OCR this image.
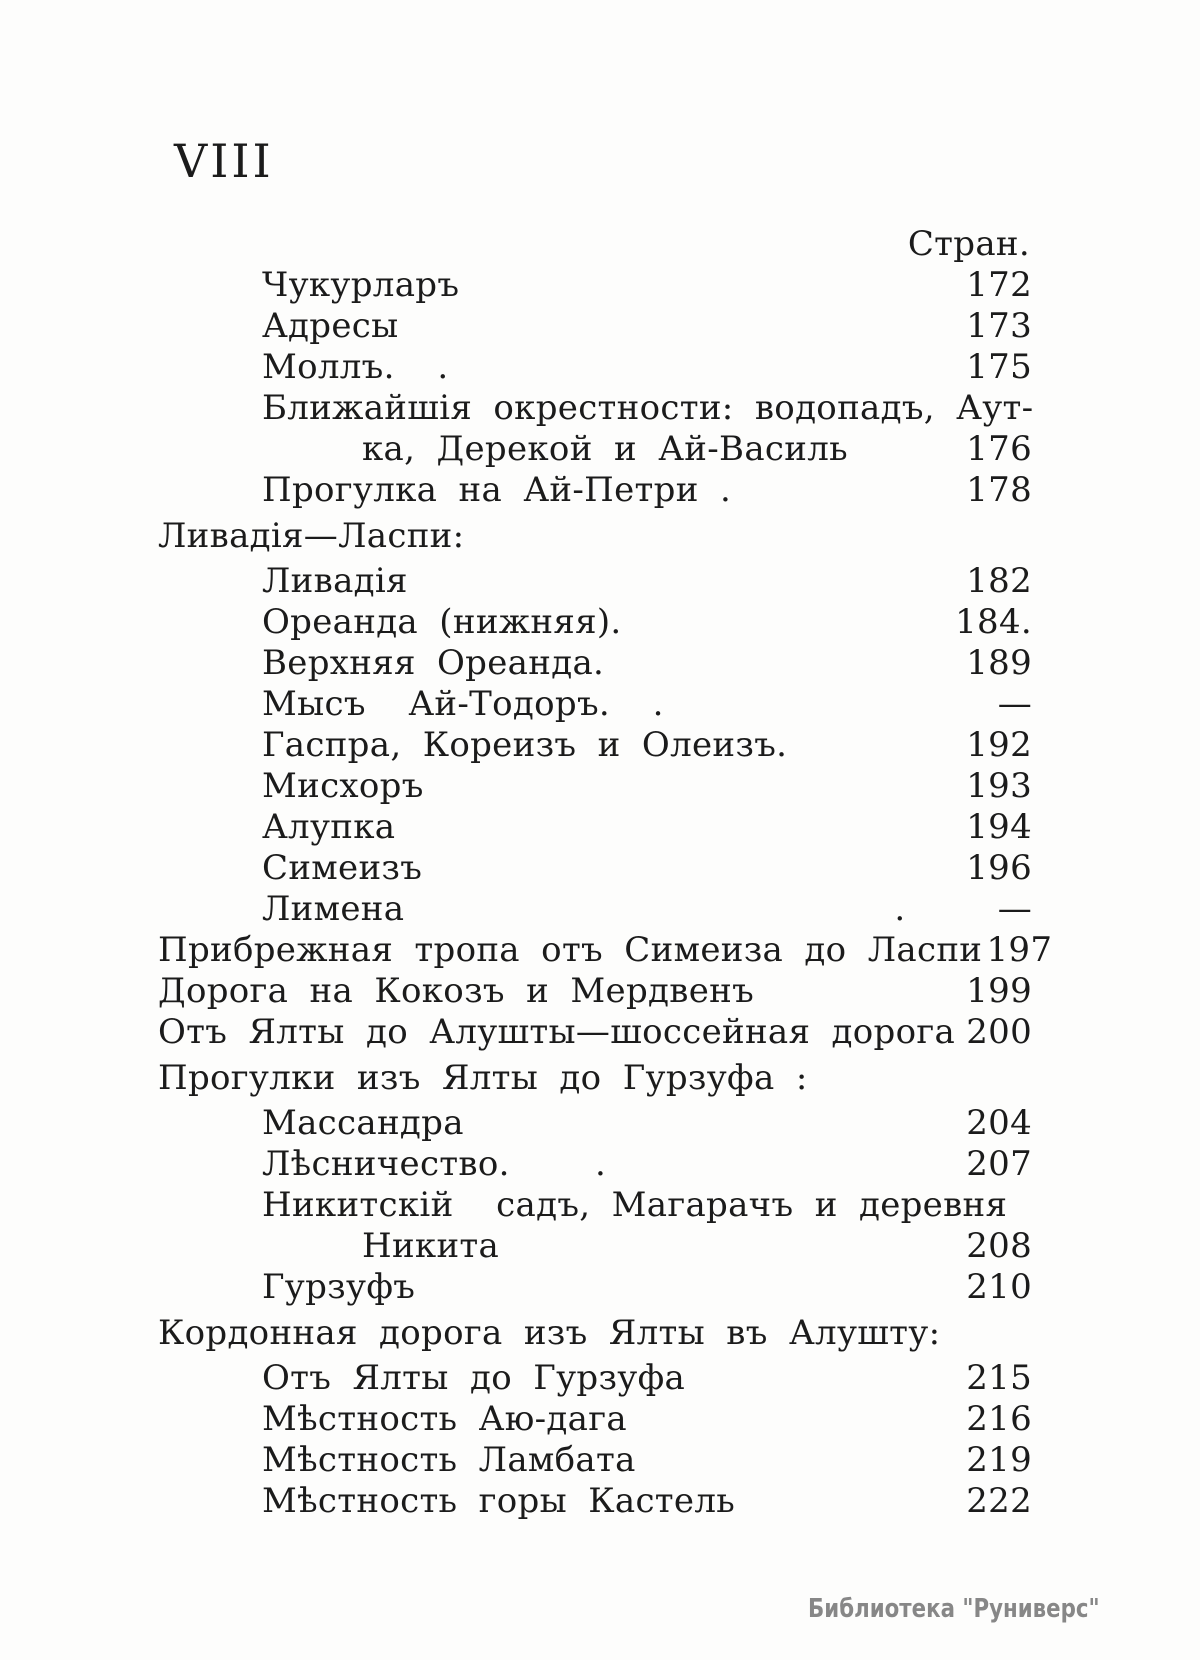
VIII
Стран.
Чукурларъ	172
Адресы	173
Моллъ.  .	175
Ближайшія окрестности: водопадъ, Аут-
ка, Дерекой и Ай-Василь	176
Прогулка на Ай-Петри .	178
Ливадія—Ласпи:
Ливадія	182
Ореанда (нижняя).	184.
Верхняя Ореанда.	189
Мысъ  Ай-Тодоръ.  .	—
Гаспра, Кореизъ и Олеизъ.	192
Мисхоръ	193
Алупка	194
Симеизъ	196
Лимена                       .	—
Прибрежная тропа отъ Симеиза до Ласпи 197
Дорога на Кокозъ и Мердвенъ	199
Отъ Ялты до Алушты—шоссейная дорога 200
Прогулки изъ Ялты до Гурзуфа :
Массандра	204
Лѣсничество.    .	207
Никитскій  садъ, Магарачъ и деревня
Никита	208
Гурзуфъ	210
Кордонная дорога изъ Ялты въ Алушту:
Отъ Ялты до Гурзуфа	215
Мѣстность Аю-дага	216
Мѣстность Ламбата	219
Мѣстность горы Кастель	222
Библиотека "Руниверс"
